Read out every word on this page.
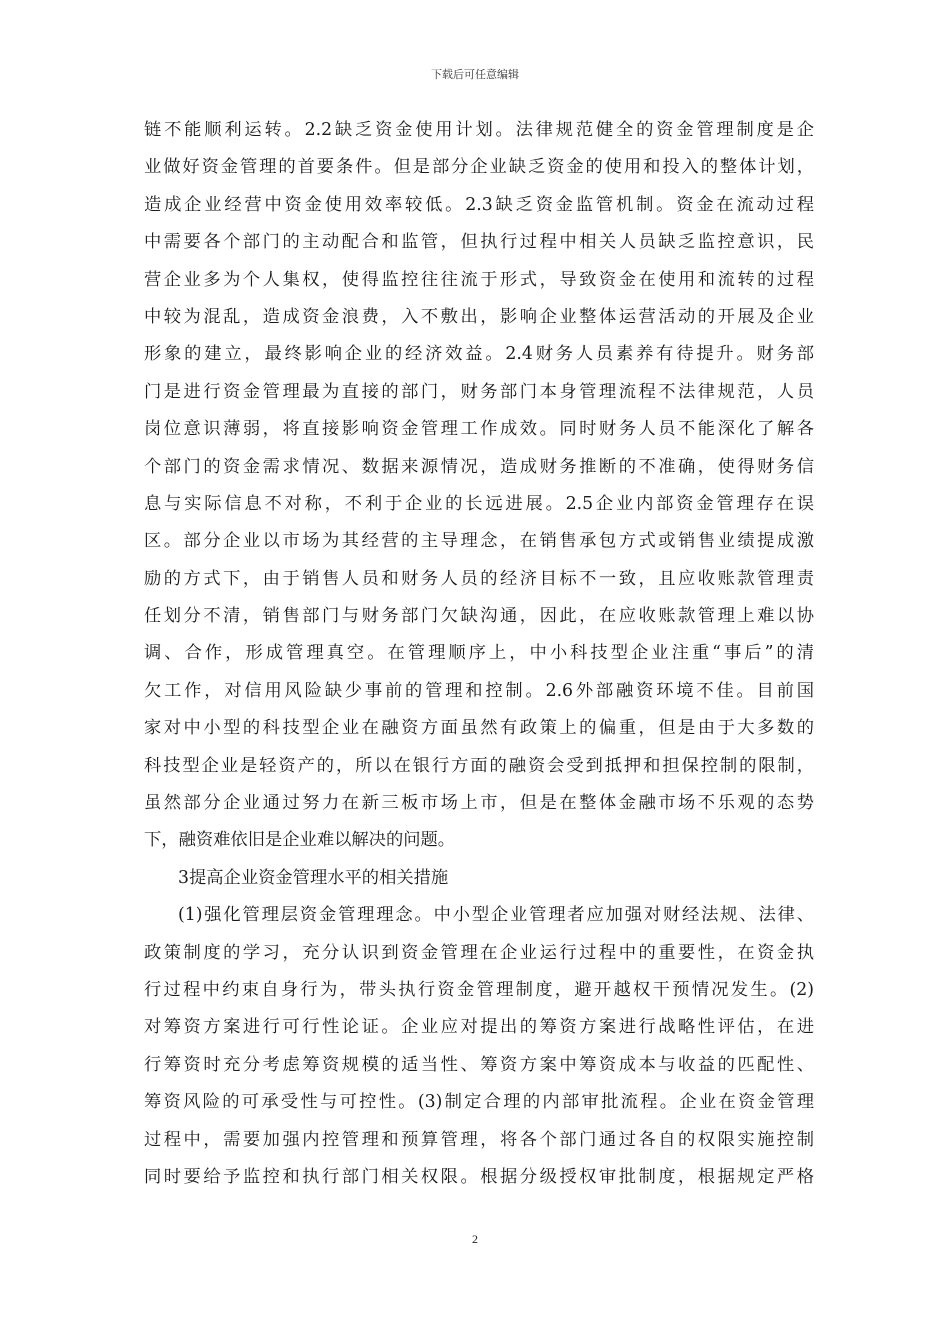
下载后可任意编辑
链不能顺利运转。2.2缺乏资金使用计划。法律规范健全的资金管理制度是企
业做好资金管理的首要条件。但是部分企业缺乏资金的使用和投入的整体计划，
造成企业经营中资金使用效率较低。2.3缺乏资金监管机制。资金在流动过程
中需要各个部门的主动配合和监管，但执行过程中相关人员缺乏监控意识，民
营企业多为个人集权，使得监控往往流于形式，导致资金在使用和流转的过程
中较为混乱，造成资金浪费，入不敷出，影响企业整体运营活动的开展及企业
形象的建立，最终影响企业的经济效益。2.4财务人员素养有待提升。财务部
门是进行资金管理最为直接的部门，财务部门本身管理流程不法律规范，人员
岗位意识薄弱，将直接影响资金管理工作成效。同时财务人员不能深化了解各
个部门的资金需求情况、数据来源情况，造成财务推断的不准确，使得财务信
息与实际信息不对称，不利于企业的长远进展。2.5企业内部资金管理存在误
区。部分企业以市场为其经营的主导理念，在销售承包方式或销售业绩提成激
励的方式下，由于销售人员和财务人员的经济目标不一致，且应收账款管理责
任划分不清，销售部门与财务部门欠缺沟通，因此，在应收账款管理上难以协
调、合作，形成管理真空。在管理顺序上，中小科技型企业注重“事后”的清
欠工作，对信用风险缺少事前的管理和控制。2.6外部融资环境不佳。目前国
家对中小型的科技型企业在融资方面虽然有政策上的偏重，但是由于大多数的
科技型企业是轻资产的，所以在银行方面的融资会受到抵押和担保控制的限制，
虽然部分企业通过努力在新三板市场上市，但是在整体金融市场不乐观的态势
下，融资难依旧是企业难以解决的问题。
3提高企业资金管理水平的相关措施
(1)强化管理层资金管理理念。中小型企业管理者应加强对财经法规、法律、
政策制度的学习，充分认识到资金管理在企业运行过程中的重要性，在资金执
行过程中约束自身行为，带头执行资金管理制度，避开越权干预情况发生。(2)
对筹资方案进行可行性论证。企业应对提出的筹资方案进行战略性评估，在进
行筹资时充分考虑筹资规模的适当性、筹资方案中筹资成本与收益的匹配性、
筹资风险的可承受性与可控性。(3)制定合理的内部审批流程。企业在资金管理
过程中，需要加强内控管理和预算管理，将各个部门通过各自的权限实施控制
同时要给予监控和执行部门相关权限。根据分级授权审批制度，根据规定严格
2
